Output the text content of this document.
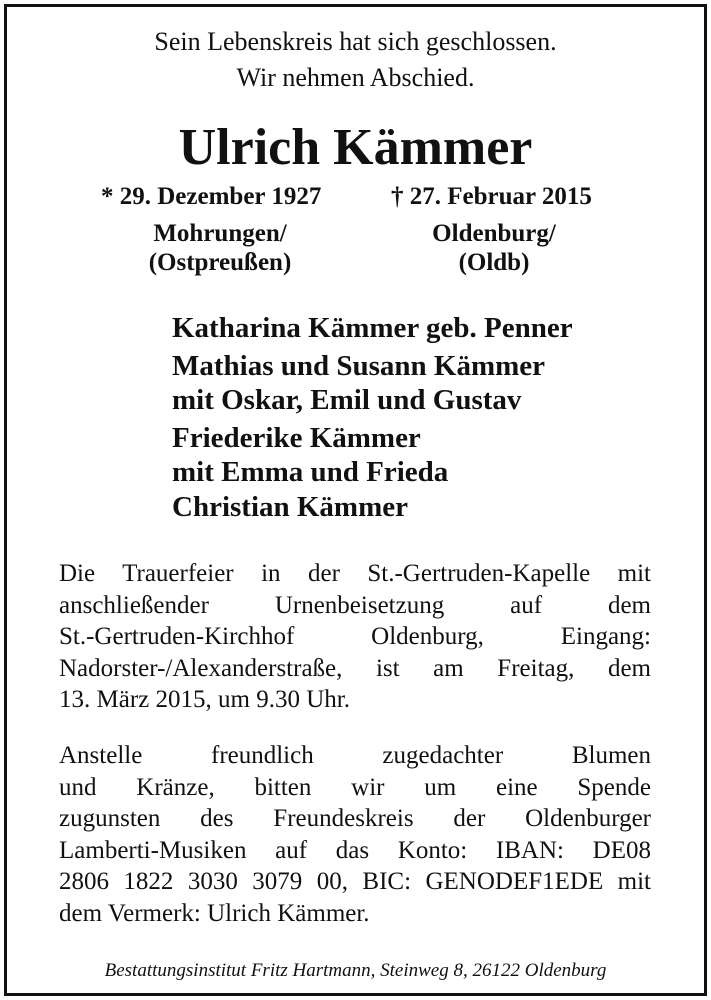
Sein Lebenskreis hat sich geschlossen.
Wir nehmen Abschied.
Ulrich Kämmer
* 29. Dezember 1927	† 27. Februar 2015
Mohrungen/
(Ostpreußen)
Oldenburg/
(Oldb)
Katharina Kämmer geb. Penner
Mathias und Susann Kämmer
mit Oskar, Emil und Gustav
Friederike Kämmer
mit Emma und Frieda
Christian Kämmer
Die Trauerfeier in der St.-Gertruden-Kapelle mit
anschließender Urnenbeisetzung auf dem
St.-Gertruden-Kirchhof Oldenburg, Eingang:
Nadorster-/Alexanderstraße, ist am Freitag, dem
13. März 2015, um 9.30 Uhr.
Anstelle freundlich zugedachter Blumen
und Kränze, bitten wir um eine Spende
zugunsten des Freundeskreis der Oldenburger
Lamberti-Musiken auf das Konto: IBAN: DE08
2806 1822 3030 3079 00, BIC: GENODEF1EDE mit
dem Vermerk: Ulrich Kämmer.
Bestattungsinstitut Fritz Hartmann, Steinweg 8, 26122 Oldenburg
